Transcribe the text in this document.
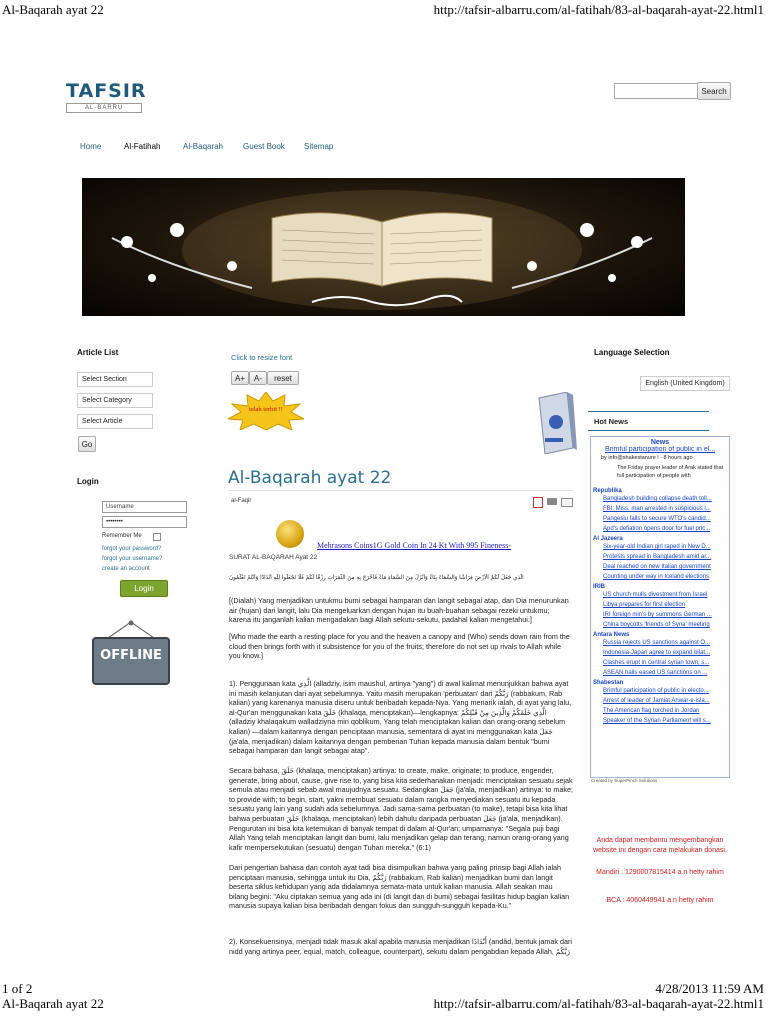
Al-Baqarah ayat 22	http://tafsir-albarru.com/al-fatihah/83-al-baqarah-ayat-22.html1
TAFSIR
AL-BARRU
Search
Home	Al-Fatihah	Al-Baqarah Guest Book Sitemap
Article List
Select Section
Select Category
Select Article
Go
Login
Username
••••••••
Remember Me
forgot your password?
forgot your username?
create an account
Login
OFFLINE
Click to resize font
A+	A-	reset
telah terbit !!
Al-Baqarah ayat 22
al-Faqir
Mehrasons Coins1G Gold Coin In 24 Kt With 995 Fineness-
SURAT AL-BAQARAH Ayat 22
الَّذِي جَعَلَ لَكُمُ الْأَرْضَ فِرَاشًا وَالسَّمَاءَ بِنَاءً وَأَنْزَلَ مِنَ السَّمَاءِ مَاءً فَأَخْرَجَ بِهِ مِنَ الثَّمَرَاتِ رِزْقًا لَكُمْ فَلَا تَجْعَلُوا لِلَّهِ أَنْدَادًا وَأَنْتُمْ تَعْلَمُونَ
[(Dialah) Yang menjadikan untukmu bumi sebagai hamparan dan langit sebagai atap, dan Dia menurunkan air (hujan) dari langit, lalu Dia mengeluarkan dengan hujan itu buah-buahan sebagai rezeki untukmu; karena itu janganlah kalian mengadakan bagi Allah sekutu-sekutu, padahal kalian mengetahui.]
[Who made the earth a resting place for you and the heaven a canopy and (Who) sends down rain from the cloud then brings forth with it subsistence for you of the fruits; therefore do not set up rivals to Allah while you know.]
1). Penggunaan kata الَّذِي (alladziy, isim maushul, artinya "yang") di awal kalimat menunjukkan bahwa ayat ini masih kelanjutan dari ayat sebelumnya. Yaitu masih merupakan 'perbuatan' dari رَبَّكُمْ (rabbakum, Rab kalian) yang karenanya manusia diseru untuk beribadah kepada-Nya. Yang menarik ialah, di ayat yang lalu, al-Qur'an menggunakan kata خَلَقَ (khalaqa, menciptakan)—lengkapnya: الَّذِي خَلَقَكُمْ وَالَّذِينَ مِنْ قَبْلِكُمْ (alladziy khalaqakum walladziyna min qoblikum, Yang telah menciptakan kalian dan orang-orang sebelum kalian) —dalam kaitannya dengan penciptaan manusia, sementara di ayat ini menggunakan kata جَعَلَ (ja'ala, menjadikan) dalam kaitannya dengan pemberian Tuhan kepada manusia dalam bentuk "bumi sebagai hamparan dan langit sebagai atap".
Secara bahasa, خَلَقَ (khalaqa, menciptakan) artinya: to create, make, originate; to produce, engender, generate, bring about, cause, give rise to, yang bisa kita sederhanakan menjadi: menciptakan sesuatu sejak semula atau menjadi sebab awal maujudnya sesuatu. Sedangkan جَعَلَ (ja'ala, menjadikan) artinya: to make; to provide with; to begin, start, yakni membuat sesuatu dalam rangka menyediakan sesuatu itu kepada sesuatu yang lain yang sudah ada sebelumnya. Jadi sama-sama perbuatan (to make), tetapi bisa kita lihat bahwa perbuatan خَلَقَ (khalaqa, menciptakan) lebih dahulu daripada perbuatan جَعَلَ (ja'ala, menjadikan). Pengurutan ini bisa kita ketemukan di banyak tempat di dalam al-Qur'an; umpamanya: "Segala puji bagi Allah Yang telah menciptakan langit dan bumi, lalu menjadikan gelap dan terang, namun orang-orang yang kafir mempersekutukan (sesuatu) dengan Tuhan mereka." (6:1)
Dari pengertian bahasa dan contoh ayat tadi bisa disimpulkan bahwa yang paling prinsip bagi Allah ialah penciptaan manusia, sehingga untuk itu Dia, رَبَّكُمْ (rabbakum, Rab kalian) menjadikan bumi dan langit beserta siklus kehidupan yang ada didalamnya semata-mata untuk kalian manusia. Allah seakan mau bilang begini: "Aku ciptakan semua yang ada ini (di langit dan di bumi) sebagai fasilitas hidup bagian kalian manusia supaya kalian bisa beribadah dengan fokus dan sungguh-sungguh kepada-Ku."
2). Konsekuensinya, menjadi tidak masuk akal apabila manusia menjadikan أَنْدَادًا (andâd, bentuk jamak dari nidd yang artinya peer, equal, match, colleague, counterpart), sekutu dalam pengabdian kepada Allah, رَبَّكُمْ
Language Selection
English (United Kingdom)
Hot News
News
Brimful participation of public in el...
by info@shakestanure l - 8 hours ago
The Friday prayer leader of Arak stated that full participation of people with
Republika
Bangladesh building collapse death toll...
FBI: Miss. man arrested in suspicious l...
Pangeslu falls to secure WTO's candid...
Apd's defiation opens door for fuel pric...
Al Jazeera
Six-year-old Indian girl raped in New D...
Protests spread in Bangladesh amid ar...
Deal reached on new Italian government
Counting under way in Iceland elections
IRIB
US church mulls divestment from Israel
Libya prepares for first election
IRI foreign min's by summons German ...
China boycotts 'friends of Syria' meeting
Antara News
Russia rejects US sanctions against O...
Indonesia-Japan agree to expand bilat...
Clashes erupt in central syrian town, s...
ASEAN hails eased US sanctions on ...
Shabestan
Brimful participation of public in electo...
Arrest of leader of Jamiat Anwar-e-isla...
The American flag torched in Jordan
Speaker of the Syrian Parliament will s...
Created by SuperPinch Solutions
Anda dapat membantu mengembangkan website ini dengan cara melakukan donasi.
Mandiri : 1290007815414 a.n hetty rahim
BCA : 4060449941 a.n hetty rahim
1 of 2	4/28/2013 11:59 AM
Al-Baqarah ayat 22	http://tafsir-albarru.com/al-fatihah/83-al-baqarah-ayat-22.html1
